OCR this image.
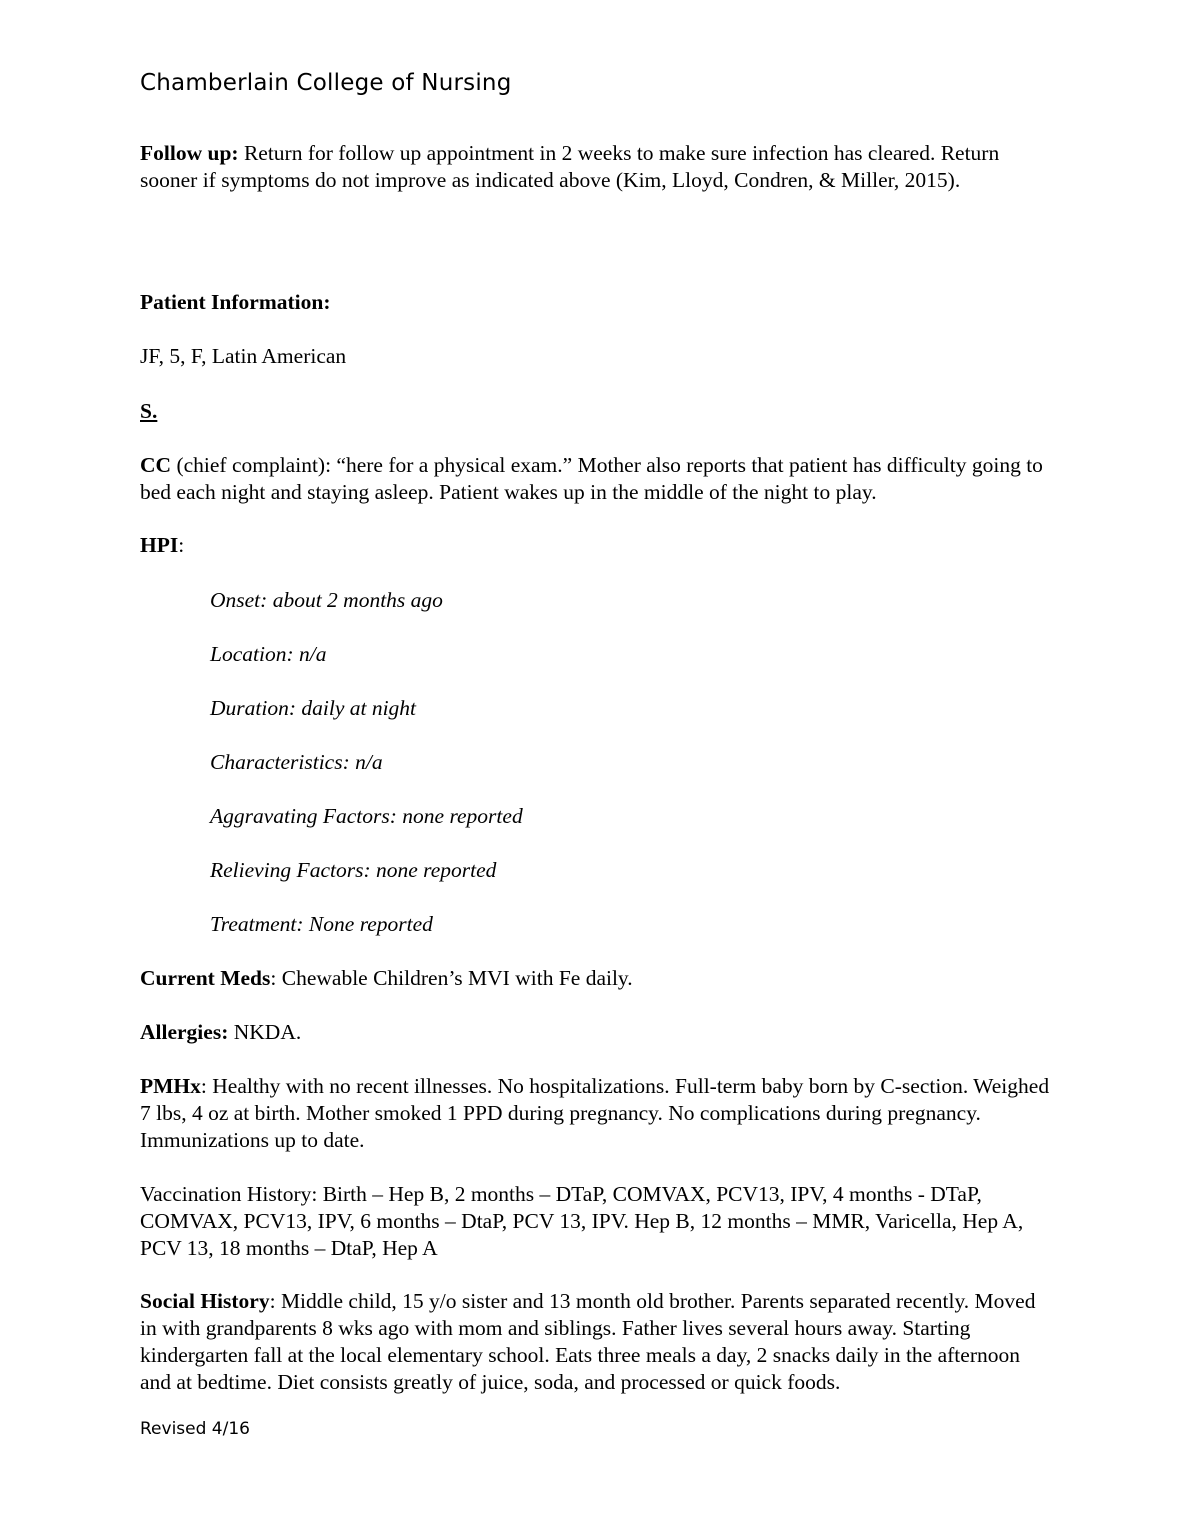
Chamberlain College of Nursing
Follow up: Return for follow up appointment in 2 weeks to make sure infection has cleared. Return sooner if symptoms do not improve as indicated above (Kim, Lloyd, Condren, & Miller, 2015).
Patient Information:
JF, 5, F, Latin American
S.
CC (chief complaint): “here for a physical exam.” Mother also reports that patient has difficulty going to bed each night and staying asleep. Patient wakes up in the middle of the night to play.
HPI:
Onset: about 2 months ago
Location: n/a
Duration: daily at night
Characteristics: n/a
Aggravating Factors: none reported
Relieving Factors: none reported
Treatment: None reported
Current Meds: Chewable Children’s MVI with Fe daily.
Allergies: NKDA.
PMHx: Healthy with no recent illnesses. No hospitalizations. Full-term baby born by C-section. Weighed 7 lbs, 4 oz at birth. Mother smoked 1 PPD during pregnancy. No complications during pregnancy. Immunizations up to date.
Vaccination History: Birth – Hep B, 2 months – DTaP, COMVAX, PCV13, IPV, 4 months - DTaP, COMVAX, PCV13, IPV, 6 months – DtaP, PCV 13, IPV. Hep B, 12 months – MMR, Varicella, Hep A, PCV 13, 18 months – DtaP, Hep A
Social History: Middle child, 15 y/o sister and 13 month old brother. Parents separated recently. Moved in with grandparents 8 wks ago with mom and siblings. Father lives several hours away. Starting kindergarten fall at the local elementary school. Eats three meals a day, 2 snacks daily in the afternoon and at bedtime. Diet consists greatly of juice, soda, and processed or quick foods.
Revised 4/16
